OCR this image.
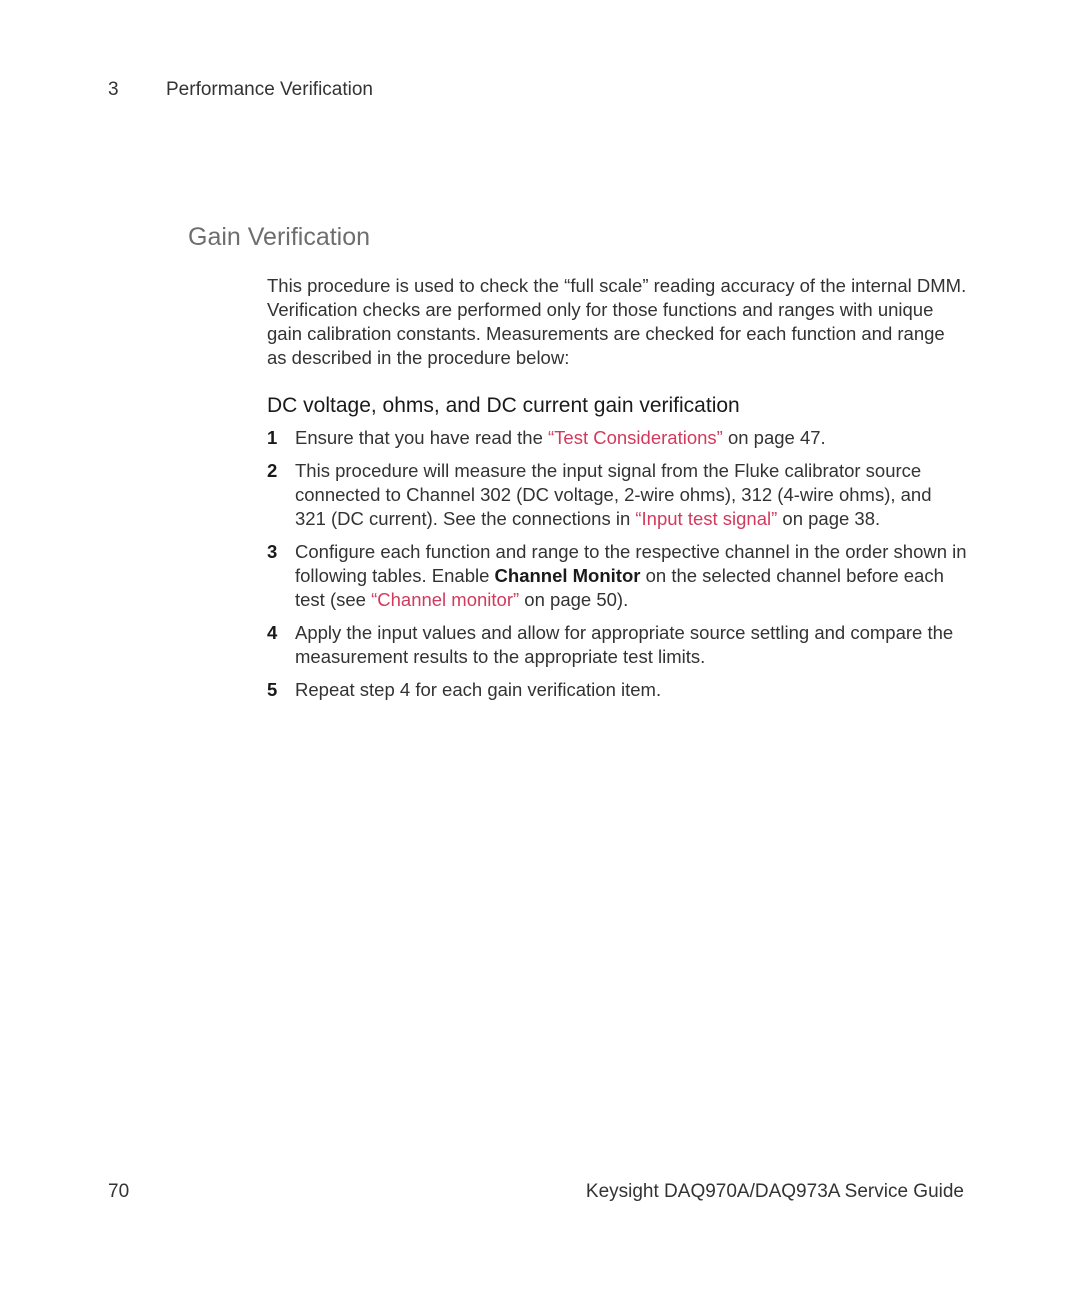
3	Performance Verification
Gain Verification

This procedure is used to check the “full scale” reading accuracy of the internal DMM. Verification checks are performed only for those functions and ranges with unique gain calibration constants. Measurements are checked for each function and range as described in the procedure below:

DC voltage, ohms, and DC current gain verification
1 Ensure that you have read the “Test Considerations” on page 47.
2 This procedure will measure the input signal from the Fluke calibrator source connected to Channel 302 (DC voltage, 2-wire ohms), 312 (4-wire ohms), and 321 (DC current). See the connections in “Input test signal” on page 38.
3 Configure each function and range to the respective channel in the order shown in following tables. Enable Channel Monitor on the selected channel before each test (see “Channel monitor” on page 50).
4 Apply the input values and allow for appropriate source settling and compare the measurement results to the appropriate test limits.
5 Repeat step 4 for each gain verification item.
70	Keysight DAQ970A/DAQ973A Service Guide
